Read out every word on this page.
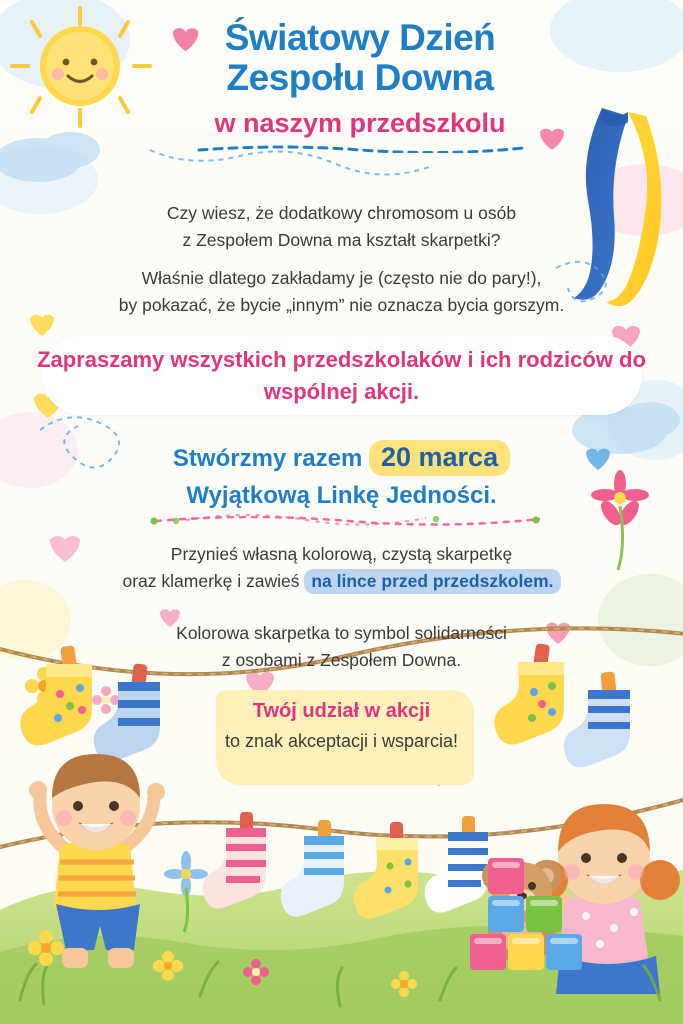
Światowy Dzień
Zespołu Downa
w naszym przedszkolu
Czy wiesz, że dodatkowy chromosom u osób
z Zespołem Downa ma kształt skarpetki?
Właśnie dlatego zakładamy je (często nie do pary!),
by pokazać, że bycie „innym” nie oznacza bycia gorszym.
Zapraszamy wszystkich przedszkolaków i ich rodziców do wspólnej akcji.
Stwórzmy razem 20 marca
Wyjątkową Linkę Jedności.
Przynieś własną kolorową, czystą skarpetkę
oraz klamerkę i zawieś na lince przed przedszkolem.
Kolorowa skarpetka to symbol solidarności
z osobami z Zespołem Downa.
Twój udział w akcji
to znak akceptacji i wsparcia!
